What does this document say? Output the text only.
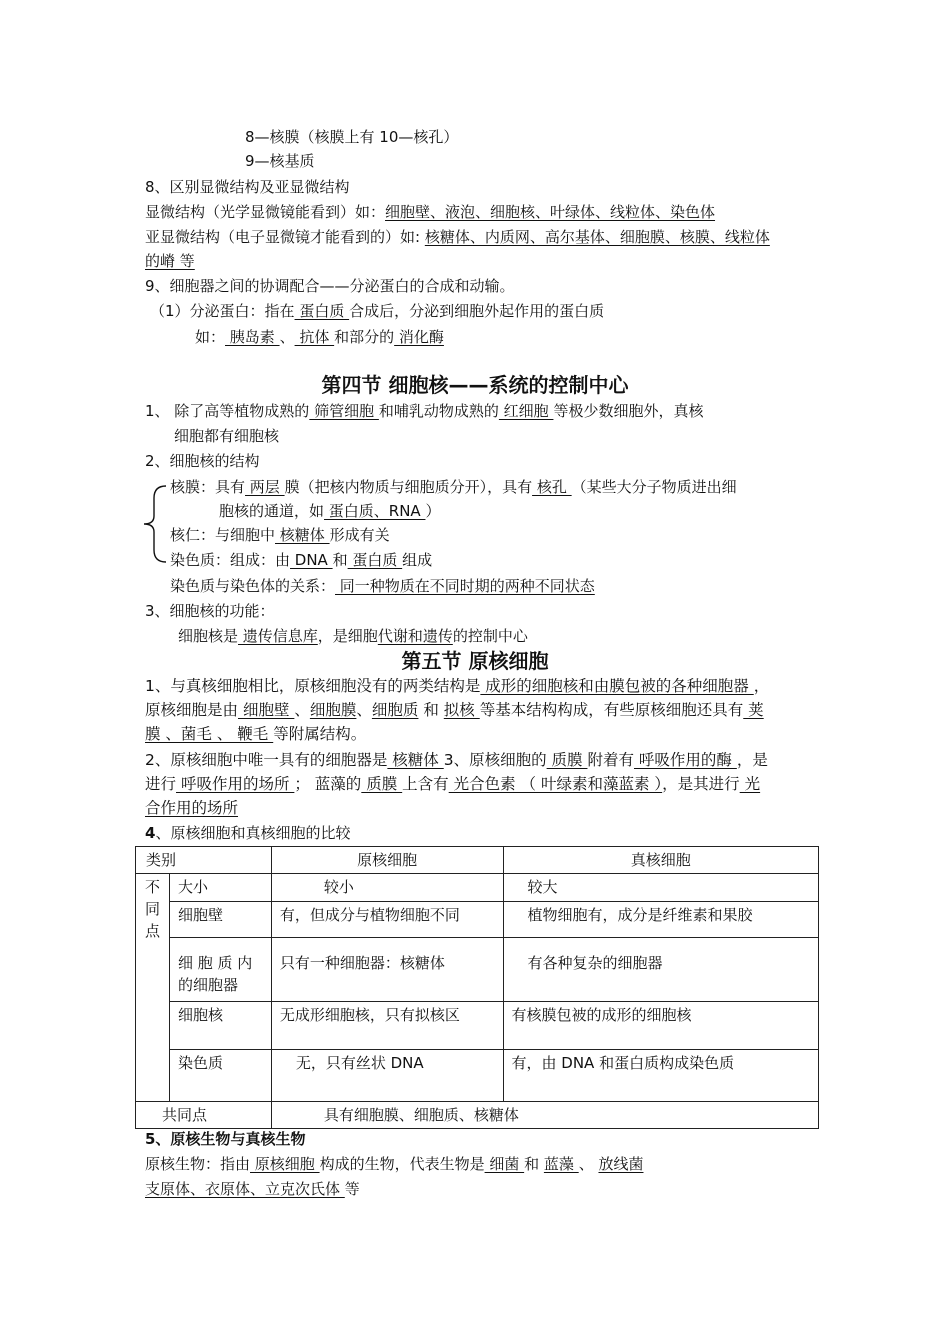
8—核膜（核膜上有 10—核孔）
9—核基质
8、区别显微结构及亚显微结构
显微结构（光学显微镜能看到）如：细胞壁、液泡、细胞核、叶绿体、线粒体、染色体
亚显微结构（电子显微镜才能看到的）如: 核糖体、内质网、高尔基体、细胞膜、核膜、线粒体
的嵴 等
9、细胞器之间的协调配合——分泌蛋白的合成和动输。
（1）分泌蛋白：指在 蛋白质 合成后，分泌到细胞外起作用的蛋白质
如： 胰岛素 、 抗体 和部分的 消化酶
第四节 细胞核——系统的控制中心
1、 除了高等植物成熟的 筛管细胞 和哺乳动物成熟的 红细胞 等极少数细胞外，真核
细胞都有细胞核
2、细胞核的结构
核膜：具有 两层 膜（把核内物质与细胞质分开），具有 核孔 （某些大分子物质进出细
胞核的通道，如 蛋白质、RNA ）
核仁：与细胞中 核糖体 形成有关
染色质：组成：由 DNA 和 蛋白质 组成
染色质与染色体的关系： 同一种物质在不同时期的两种不同状态
3、细胞核的功能：
细胞核是 遗传信息库，是细胞代谢和遗传的控制中心
第五节 原核细胞
1、与真核细胞相比，原核细胞没有的两类结构是 成形的细胞核和由膜包被的各种细胞器 ，
原核细胞是由 细胞壁 、细胞膜、细胞质 和 拟核 等基本结构构成，有些原核细胞还具有 荚
膜 、菌毛 、 鞭毛 等附属结构。
2、原核细胞中唯一具有的细胞器是 核糖体 3、原核细胞的 质膜 附着有 呼吸作用的酶 ，是
进行 呼吸作用的场所 ； 蓝藻的 质膜 上含有 光合色素 （ 叶绿素和藻蓝素 ），是其进行 光
合作用的场所
4、原核细胞和真核细胞的比较
类别		原核细胞	真核细胞
不同点	大小	较小	较大
	细胞壁	有，但成分与植物细胞不同	植物细胞有，成分是纤维素和果胶
	细 胞 质 内的细胞器	只有一种细胞器：核糖体	有各种复杂的细胞器
	细胞核	无成形细胞核，只有拟核区	有核膜包被的成形的细胞核
	染色质	无，只有丝状 DNA	有，由 DNA 和蛋白质构成染色质
共同点		具有细胞膜、细胞质、核糖体	
5、原核生物与真核生物
原核生物：指由 原核细胞 构成的生物，代表生物是 细菌 和 蓝藻 、 放线菌
支原体、衣原体、立克次氏体 等
